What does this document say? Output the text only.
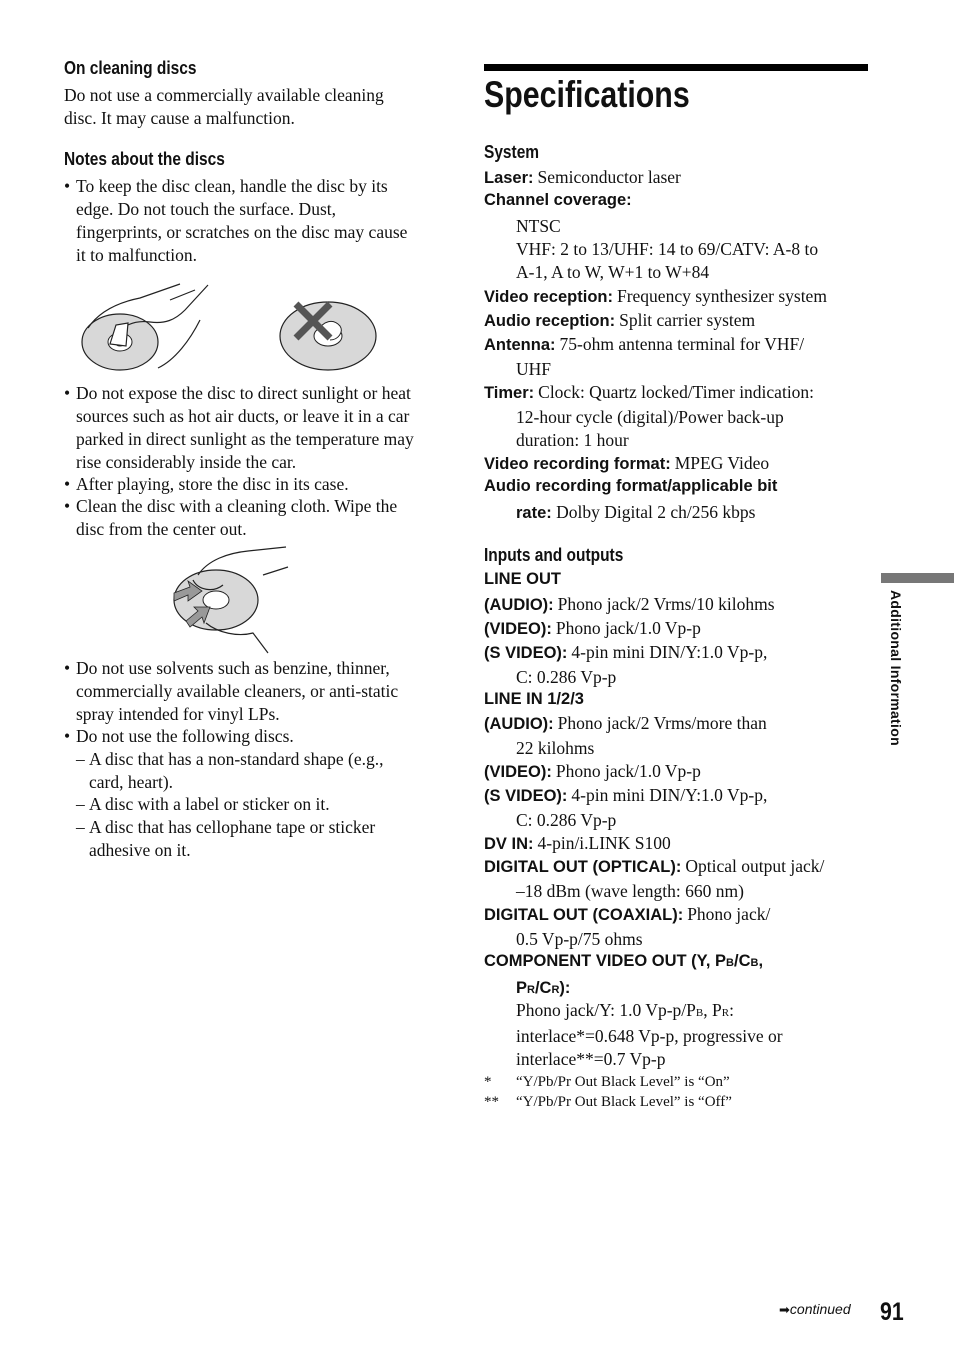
On cleaning discs
Do not use a commercially available cleaning
disc. It may cause a malfunction.
Notes about the discs
• To keep the disc clean, handle the disc by its
edge. Do not touch the surface. Dust,
fingerprints, or scratches on the disc may cause
it to malfunction.
• Do not expose the disc to direct sunlight or heat
sources such as hot air ducts, or leave it in a car
parked in direct sunlight as the temperature may
rise considerably inside the car.
• After playing, store the disc in its case.
• Clean the disc with a cleaning cloth. Wipe the
disc from the center out.
• Do not use solvents such as benzine, thinner,
commercially available cleaners, or anti-static
spray intended for vinyl LPs.
• Do not use the following discs.
– A disc that has a non-standard shape (e.g.,
card, heart).
– A disc with a label or sticker on it.
– A disc that has cellophane tape or sticker
adhesive on it.
Specifications
System
Laser: Semiconductor laser
Channel coverage:
NTSC
VHF: 2 to 13/UHF: 14 to 69/CATV: A-8 to
A-1, A to W, W+1 to W+84
Video reception: Frequency synthesizer system
Audio reception: Split carrier system
Antenna: 75-ohm antenna terminal for VHF/
UHF
Timer: Clock: Quartz locked/Timer indication:
12-hour cycle (digital)/Power back-up
duration: 1 hour
Video recording format: MPEG Video
Audio recording format/applicable bit
rate: Dolby Digital 2 ch/256 kbps
Inputs and outputs
LINE OUT
(AUDIO): Phono jack/2 Vrms/10 kilohms
(VIDEO): Phono jack/1.0 Vp-p
(S VIDEO): 4-pin mini DIN/Y:1.0 Vp-p,
C: 0.286 Vp-p
LINE IN 1/2/3
(AUDIO): Phono jack/2 Vrms/more than
22 kilohms
(VIDEO): Phono jack/1.0 Vp-p
(S VIDEO): 4-pin mini DIN/Y:1.0 Vp-p,
C: 0.286 Vp-p
DV IN: 4-pin/i.LINK S100
DIGITAL OUT (OPTICAL): Optical output jack/
–18 dBm (wave length: 660 nm)
DIGITAL OUT (COAXIAL): Phono jack/
0.5 Vp-p/75 ohms
COMPONENT VIDEO OUT (Y, PB/CB,
PR/CR):
Phono jack/Y: 1.0 Vp-p/PB, PR:
interlace*=0.648 Vp-p, progressive or
interlace**=0.7 Vp-p
* “Y/Pb/Pr Out Black Level” is “On”
** “Y/Pb/Pr Out Black Level” is “Off”
Additional Information
➡continued 91
